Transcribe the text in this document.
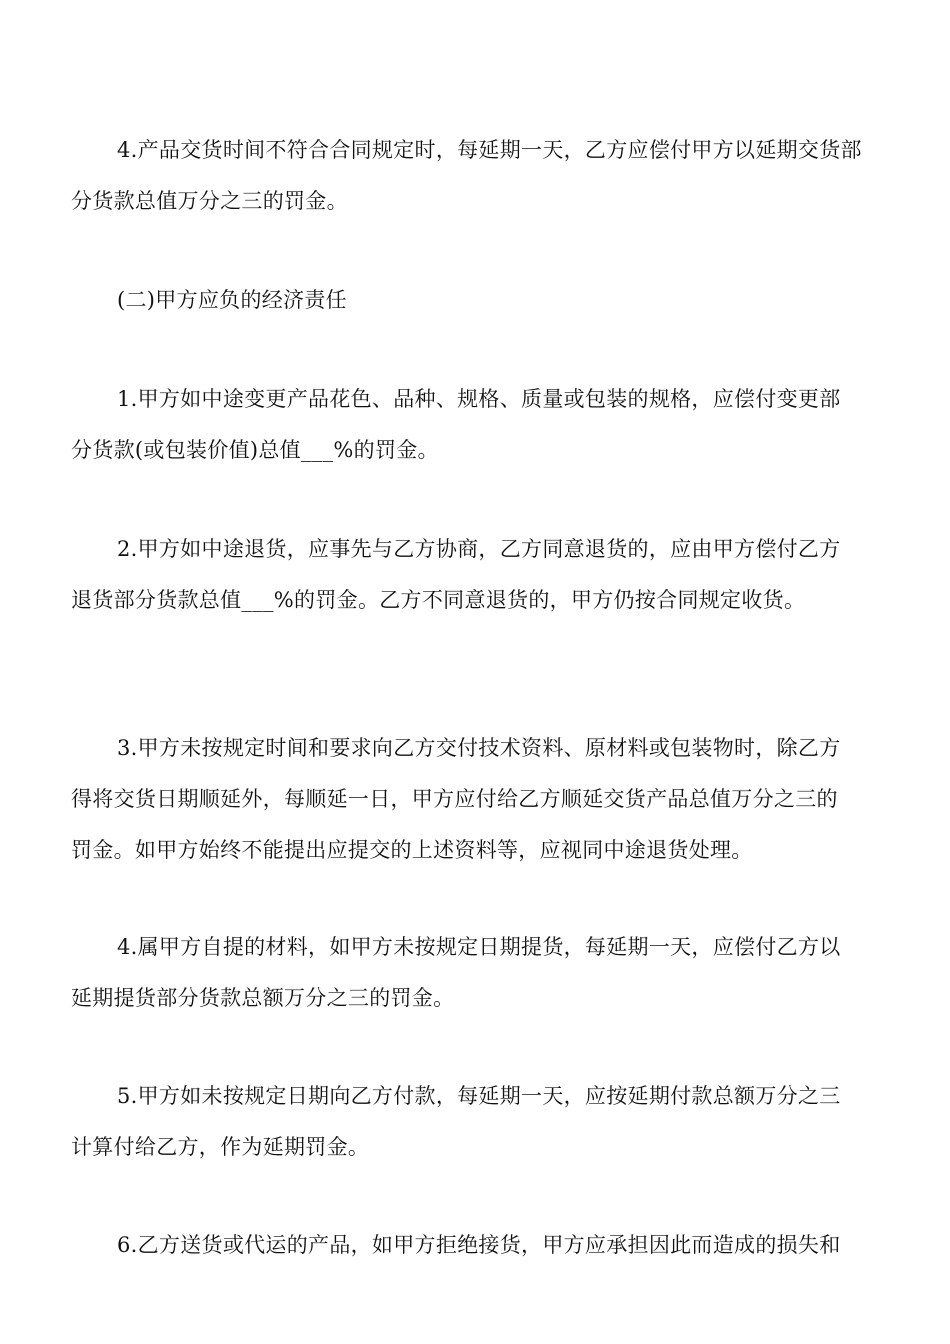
4.产品交货时间不符合合同规定时，每延期一天，乙方应偿付甲方以延期交货部
分货款总值万分之三的罚金。

(二)甲方应负的经济责任

1.甲方如中途变更产品花色、品种、规格、质量或包装的规格，应偿付变更部
分货款(或包装价值)总值___%的罚金。

2.甲方如中途退货，应事先与乙方协商，乙方同意退货的，应由甲方偿付乙方
退货部分货款总值___%的罚金。乙方不同意退货的，甲方仍按合同规定收货。

3.甲方未按规定时间和要求向乙方交付技术资料、原材料或包装物时，除乙方
得将交货日期顺延外，每顺延一日，甲方应付给乙方顺延交货产品总值万分之三的
罚金。如甲方始终不能提出应提交的上述资料等，应视同中途退货处理。

4.属甲方自提的材料，如甲方未按规定日期提货，每延期一天，应偿付乙方以
延期提货部分货款总额万分之三的罚金。

5.甲方如未按规定日期向乙方付款，每延期一天，应按延期付款总额万分之三
计算付给乙方，作为延期罚金。

6.乙方送货或代运的产品，如甲方拒绝接货，甲方应承担因此而造成的损失和
